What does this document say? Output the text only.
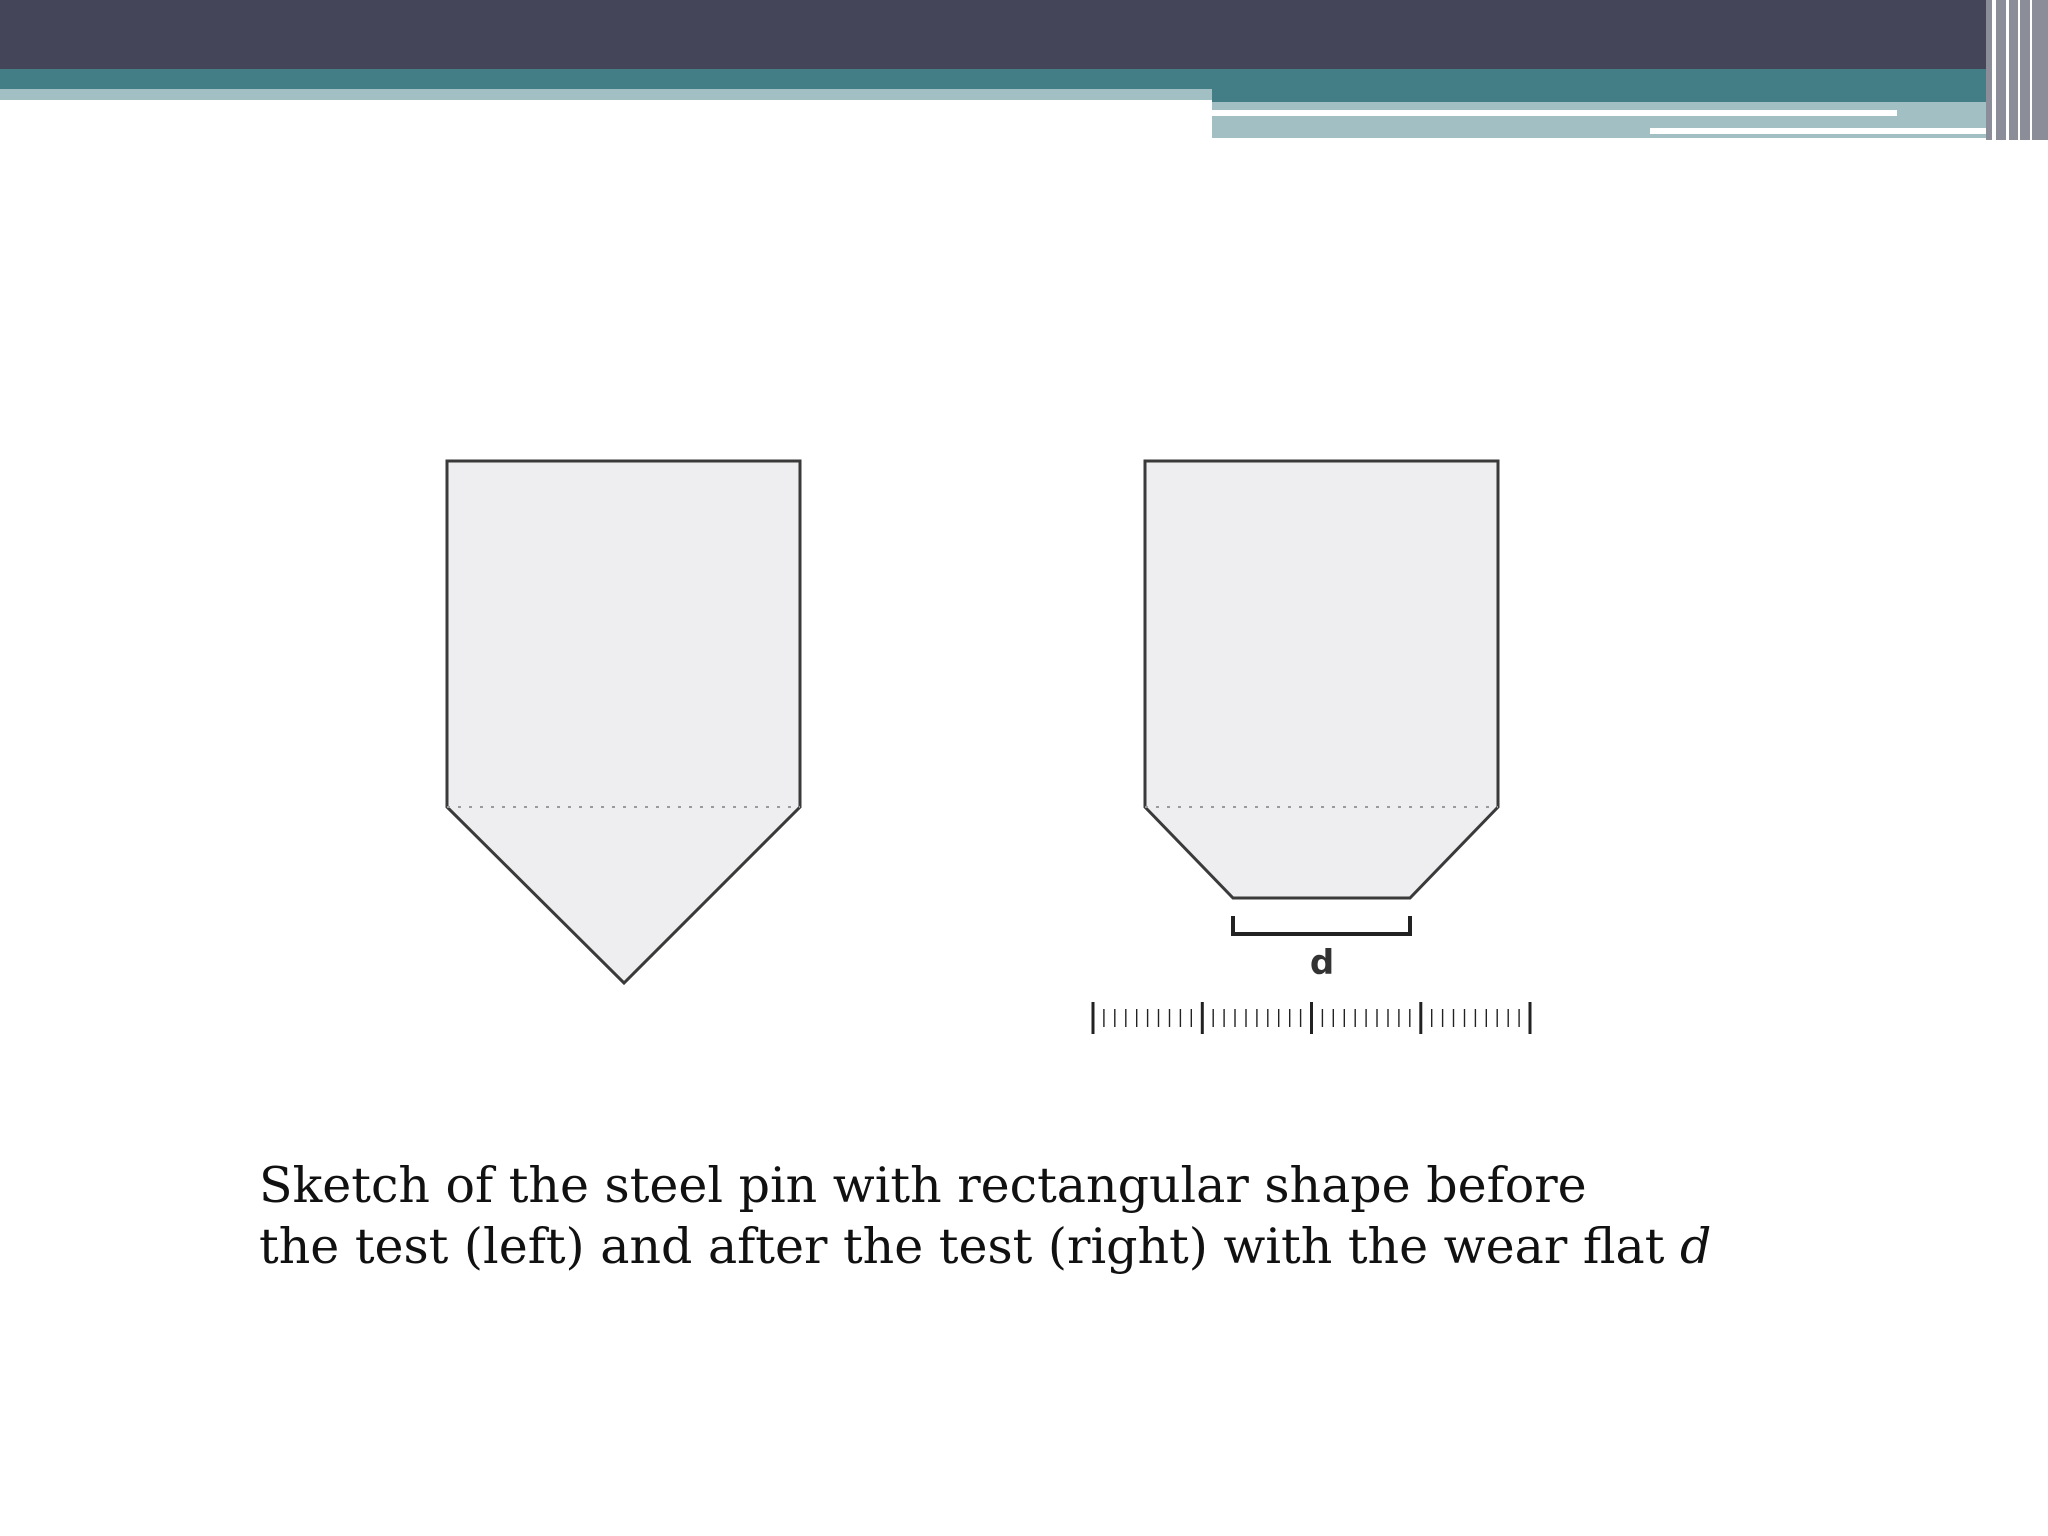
d

Sketch of the steel pin with rectangular shape before
the test (left) and after the test (right) with the wear flat d
